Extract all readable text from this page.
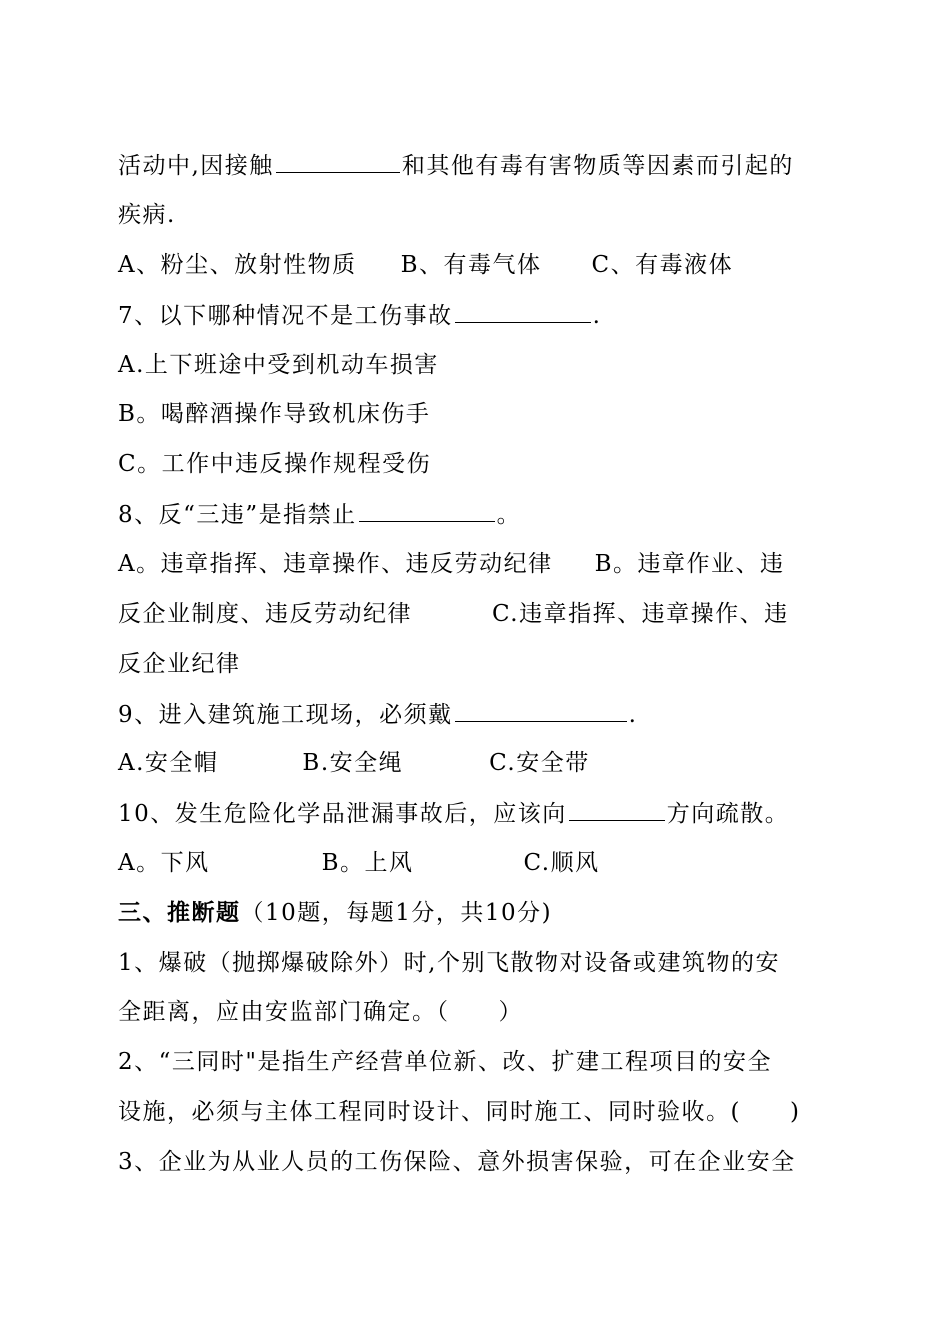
活动中,因接触	和其他有毒有害物质等因素而引起的
疾病.
A、粉尘、放射性物质 B、有毒气体 C、有毒液体
7、以下哪种情况不是工伤事故	.
A.上下班途中受到机动车损害
B。喝醉酒操作导致机床伤手
C。工作中违反操作规程受伤
8、反“三违”是指禁止	。
A。违章指挥、违章操作、违反劳动纪律 B。违章作业、违
反企业制度、违反劳动纪律	C.违章指挥、违章操作、违
反企业纪律
9、进入建筑施工现场，必须戴	.
A.安全帽	B.安全绳	C.安全带
10、发生危险化学品泄漏事故后，应该向	方向疏散。
A。下风	B。上风	C.顺风
三、推断题（10题，每题1分，共10分)
1、爆破（抛掷爆破除外）时,个别飞散物对设备或建筑物的安
全距离，应由安监部门确定。（　　）
2、“三同时"是指生产经营单位新、改、扩建工程项目的安全
设施，必须与主体工程同时设计、同时施工、同时验收。(　　)
3、企业为从业人员的工伤保险、意外损害保验，可在企业安全
